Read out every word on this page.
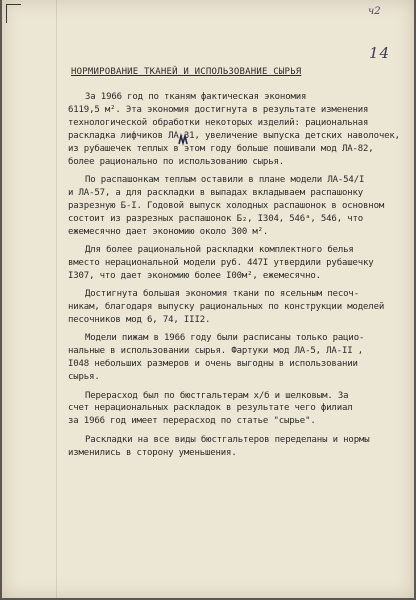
ч2
14
НОРМИРОВАНИЕ ТКАНЕЙ И ИСПОЛЬЗОВАНИЕ СЫРЬЯ
За 1966 год по тканям фактическая экономия
6119,5 м². Эта экономия достигнута в результате изменения
технологической обработки некоторых изделий: рациональная
раскладка лифчиков ЛА-31, увеличение выпуска детских наволочек,
из рубашечек теплых в этом году больше пошивали мод ЛА-82,
более рационально по использованию сырья.
По распашонкам теплым оставили в плане модели ЛА-54/I
и ЛА-57, а для раскладки в выпадах вкладываем распашонку
разрезную Б-I. Годовой выпуск холодных распашонок в основном
состоит из разрезных распашонок Б₂, I304, 546ᵃ, 546, что
ежемесячно дает экономию около 300 м².
Для более рациональной раскладки комплектного белья
вместо нерациональной модели руб. 447I утвердили рубашечку
I307, что дает экономию более I00м², ежемесячно.
Достигнута большая экономия ткани по ясельным песоч-
никам, благодаря выпуску рациональных по конструкции моделей
песочников мод 6, 74, III2.
Модели пижам в 1966 году были расписаны только рацио-
нальные в использовании сырья. Фартуки мод ЛА-5, ЛА-II ,
I048 небольших размеров и очень выгодны в использовании
сырья.
Перерасход был по бюстгальтерам х/б и шелковым. За
счет нерациональных раскладок в результате чего филиал
за 1966 год имеет перерасход по статье "сырье".
Раскладки на все виды бюстгальтеров переделаны и нормы
изменились в сторону уменьшения.
